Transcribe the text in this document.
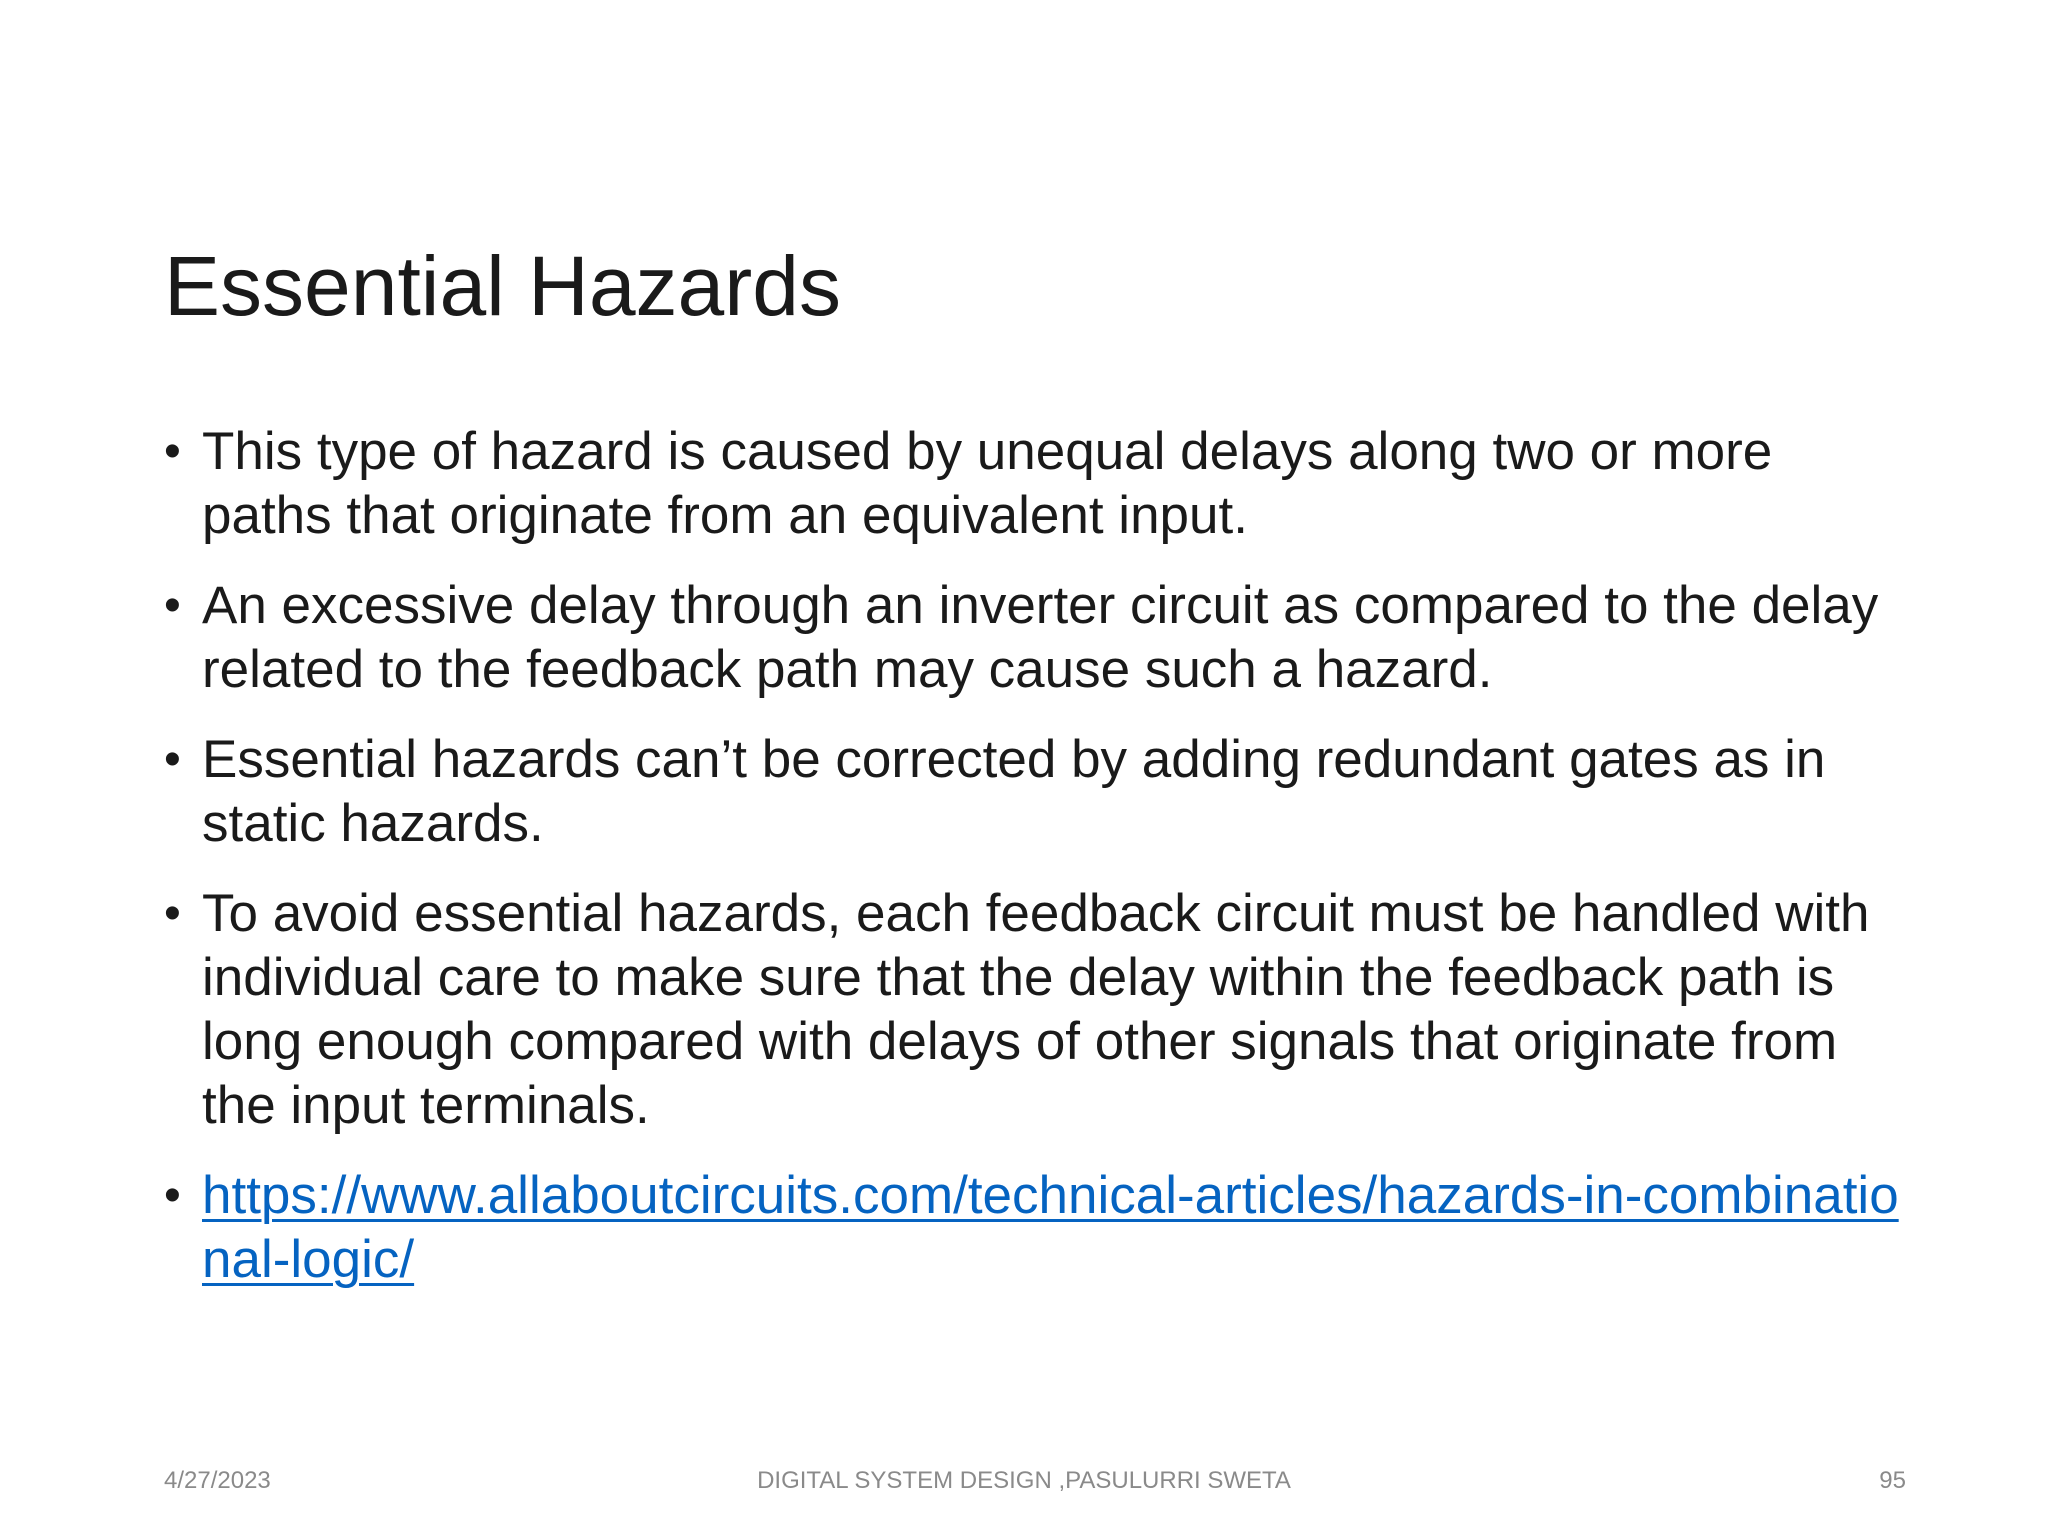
Essential Hazards
• This type of hazard is caused by unequal delays along two or more paths that originate from an equivalent input.
• An excessive delay through an inverter circuit as compared to the delay related to the feedback path may cause such a hazard.
• Essential hazards can’t be corrected by adding redundant gates as in static hazards.
• To avoid essential hazards, each feedback circuit must be handled with individual care to make sure that the delay within the feedback path is long enough compared with delays of other signals that originate from the input terminals.
• https://www.allaboutcircuits.com/technical-articles/hazards-in-combinational-logic/
4/27/2023	DIGITAL SYSTEM DESIGN ,PASULURRI SWETA	95
